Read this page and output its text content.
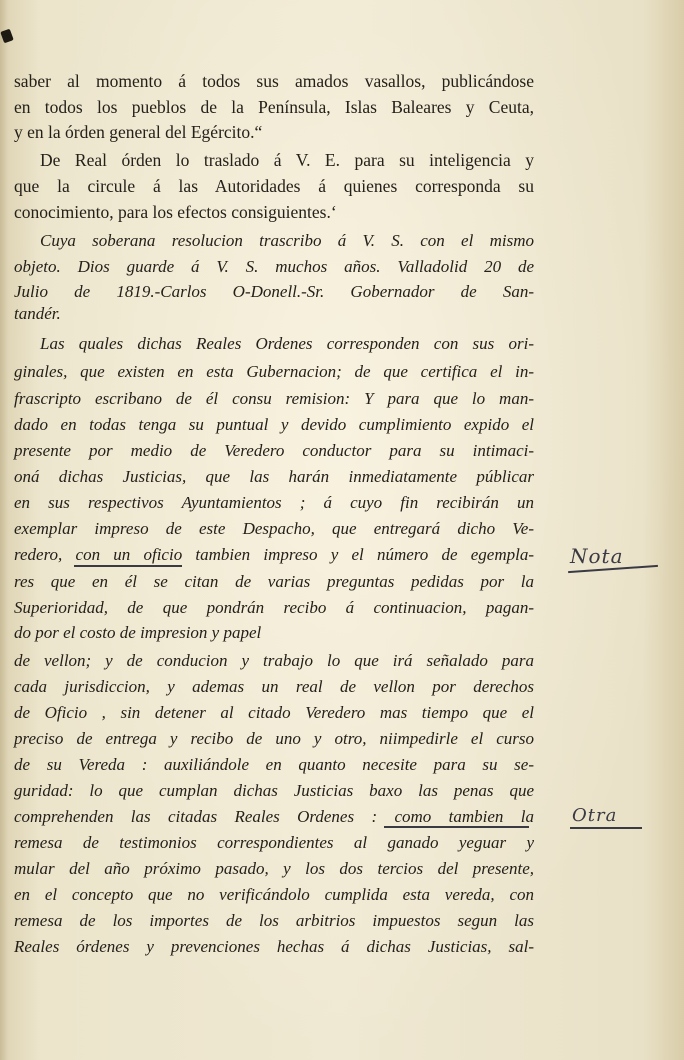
saber al momento á todos sus amados vasallos, publicándose
en todos los pueblos de la Península, Islas Baleares y Ceuta,
y en la órden general del Egército.“
De Real órden lo traslado á V. E. para su inteligencia y
que la circule á las Autoridades á quienes corresponda su
conocimiento, para los efectos consiguientes.‘
Cuya soberana resolucion trascribo á V. S. con el mismo
objeto. Dios guarde á V. S. muchos años. Valladolid 20 de
Julio de 1819.-Carlos O-Donell.-Sr. Gobernador de San-
tandér.
Las quales dichas Reales Ordenes corresponden con sus ori-
ginales, que existen en esta Gubernacion; de que certifica el in-
frascripto escribano de él consu remision: Y para que lo man-
dado en todas tenga su puntual y devido cumplimiento expido el
presente por medio de Veredero conductor para su intimaci-
oná dichas Justicias, que las harán inmediatamente públicar
en sus respectivos Ayuntamientos ; á cuyo fin recibirán un
exemplar impreso de este Despacho, que entregará dicho Ve-
redero, con un oficio tambien impreso y el número de egempla-
res que en él se citan de varias preguntas pedidas por la
Superioridad, de que pondrán recibo á continuacion, pagan-
do por el costo de impresion y papel
de vellon; y de conducion y trabajo lo que irá señalado para
cada jurisdiccion, y ademas un real de vellon por derechos
de Oficio , sin detener al citado Veredero mas tiempo que el
preciso de entrega y recibo de uno y otro, niimpedirle el curso
de su Vereda : auxiliándole en quanto necesite para su se-
guridad: lo que cumplan dichas Justicias baxo las penas que
comprehenden las citadas Reales Ordenes : como tambien la
remesa de testimonios correspondientes al ganado yeguar y
mular del año próximo pasado, y los dos tercios del presente,
en el concepto que no verificándolo cumplida esta vereda, con
remesa de los importes de los arbitrios impuestos segun las
Reales órdenes y prevenciones hechas á dichas Justicias, sal-
Nota
Otra
